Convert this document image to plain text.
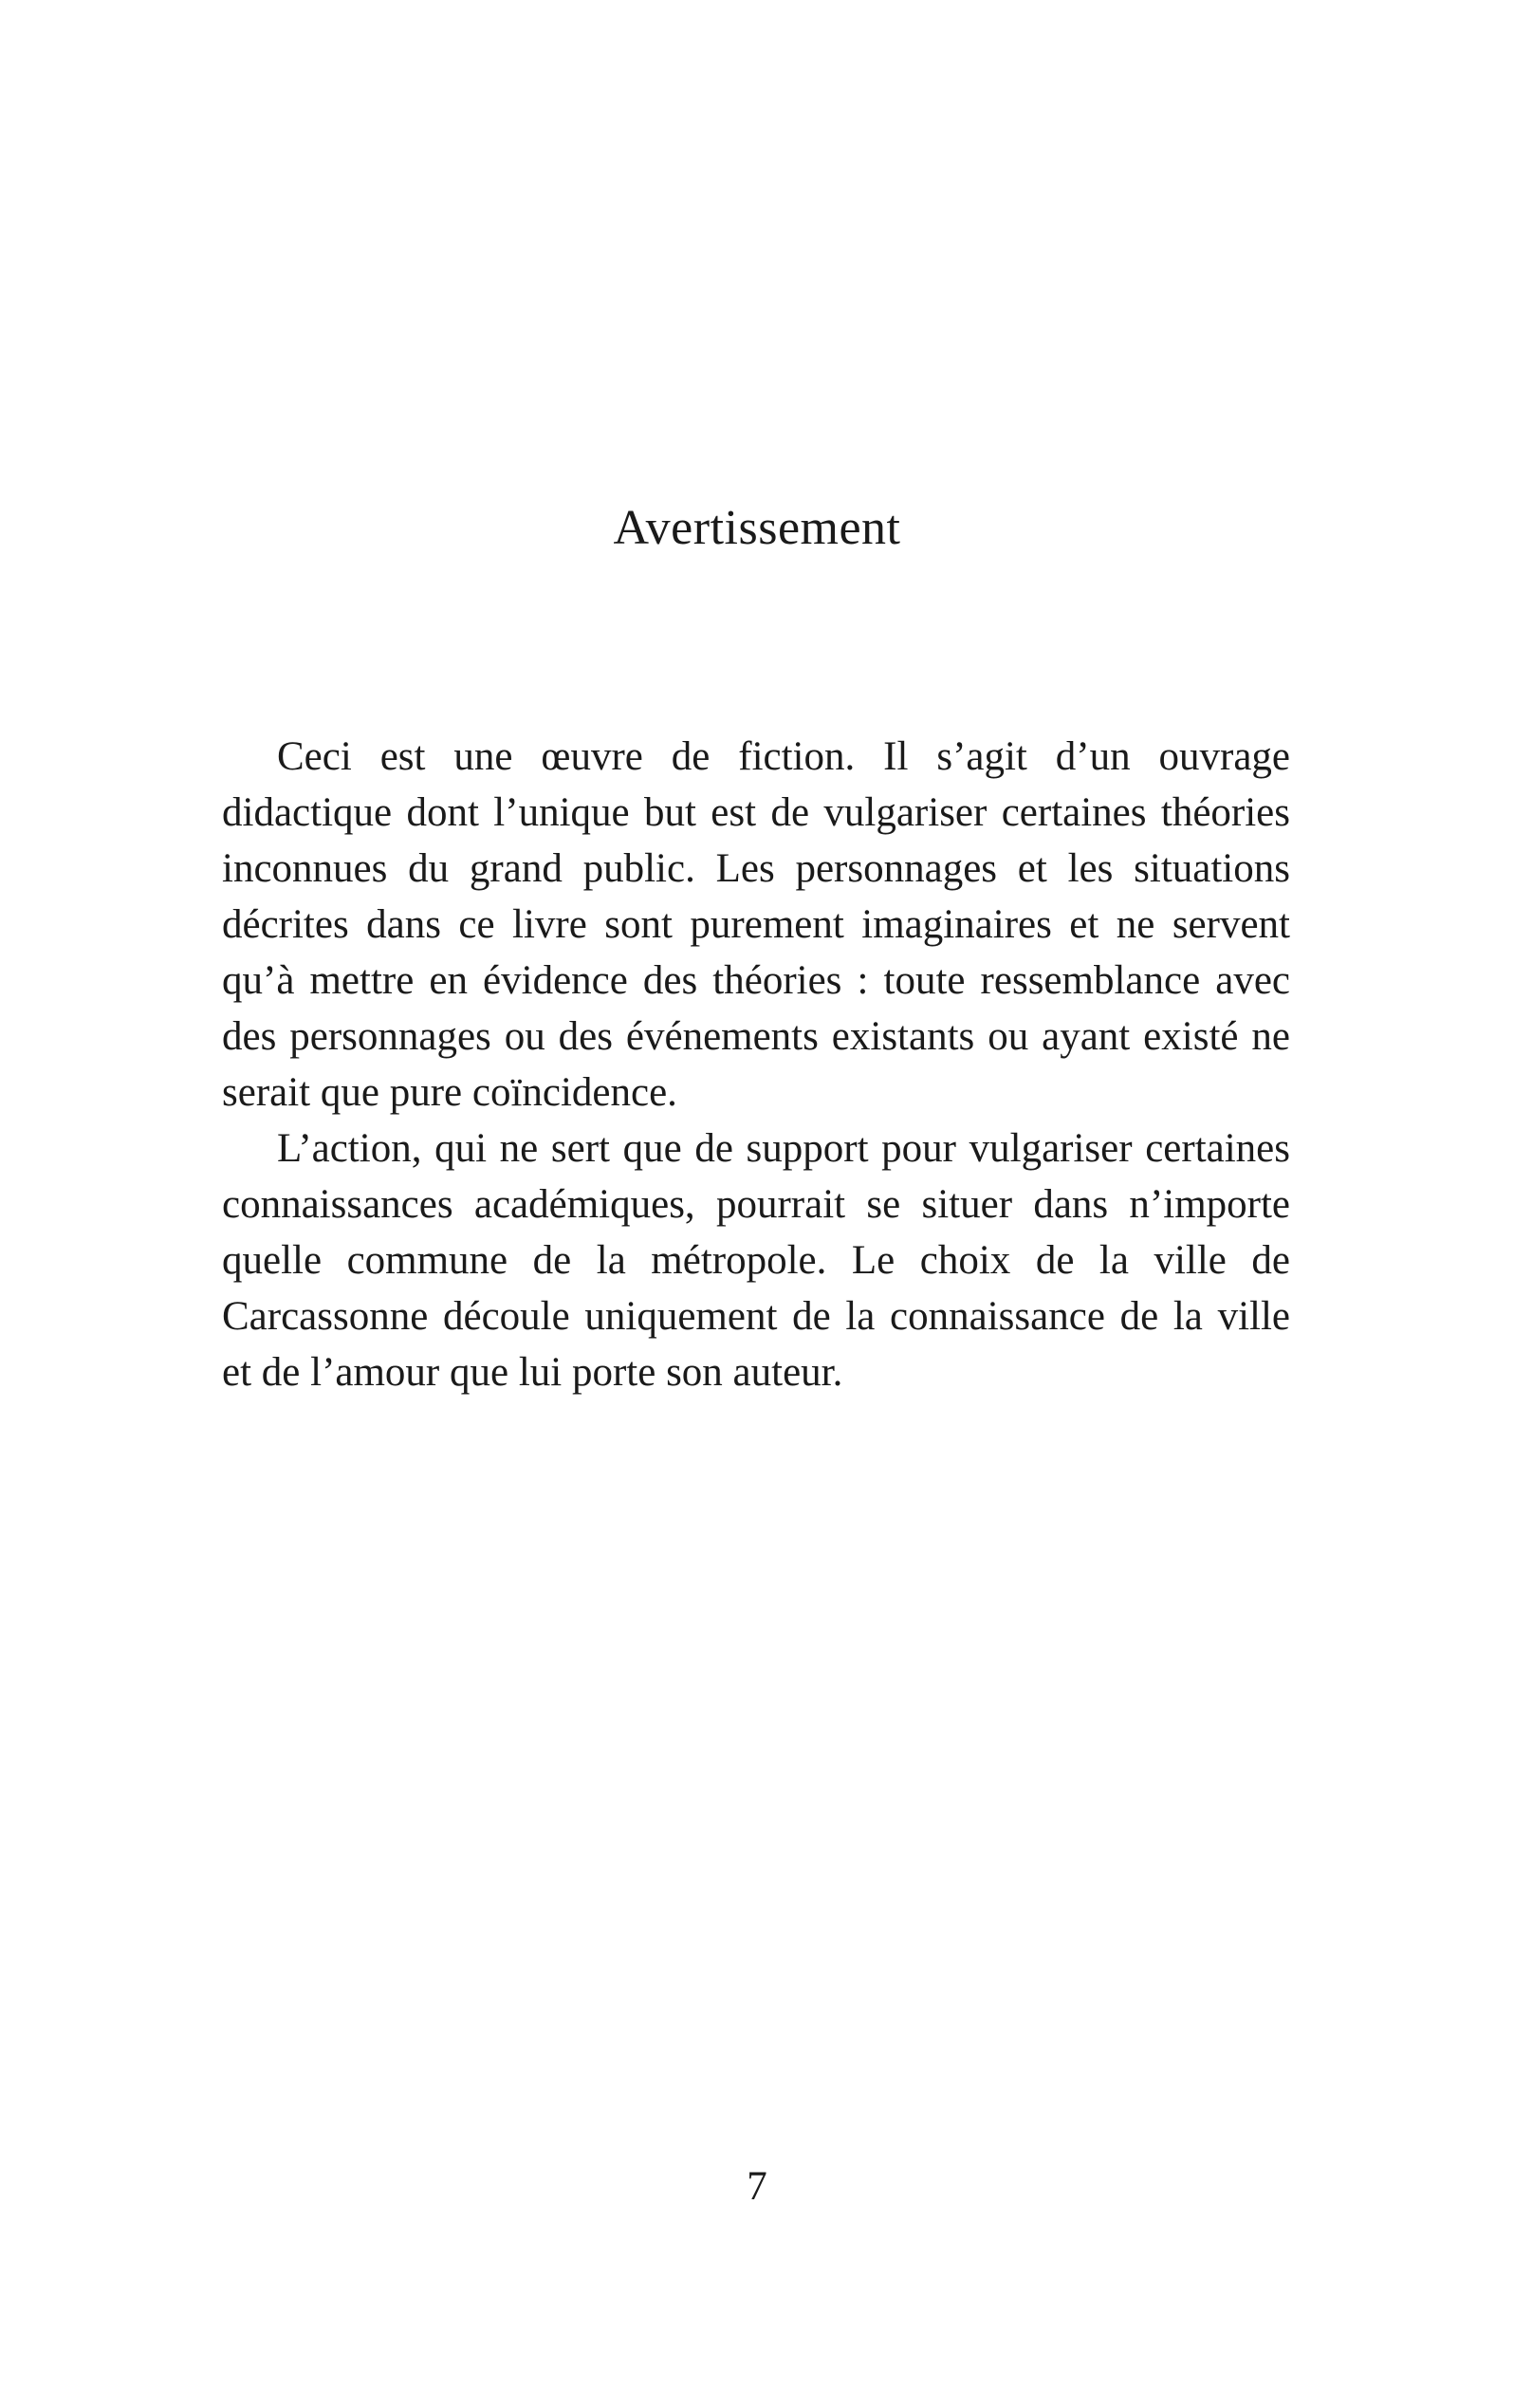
Avertissement

Ceci est une œuvre de fiction. Il s’agit d’un ouvrage didactique dont l’unique but est de vulgariser certaines théories inconnues du grand public. Les personnages et les situations décrites dans ce livre sont purement imaginaires et ne servent qu’à mettre en évidence des théories : toute ressemblance avec des personnages ou des événements existants ou ayant existé ne serait que pure coïncidence.

L’action, qui ne sert que de support pour vulgariser certaines connaissances académiques, pourrait se situer dans n’importe quelle commune de la métropole. Le choix de la ville de Carcassonne découle uniquement de la connaissance de la ville et de l’amour que lui porte son auteur.

7
